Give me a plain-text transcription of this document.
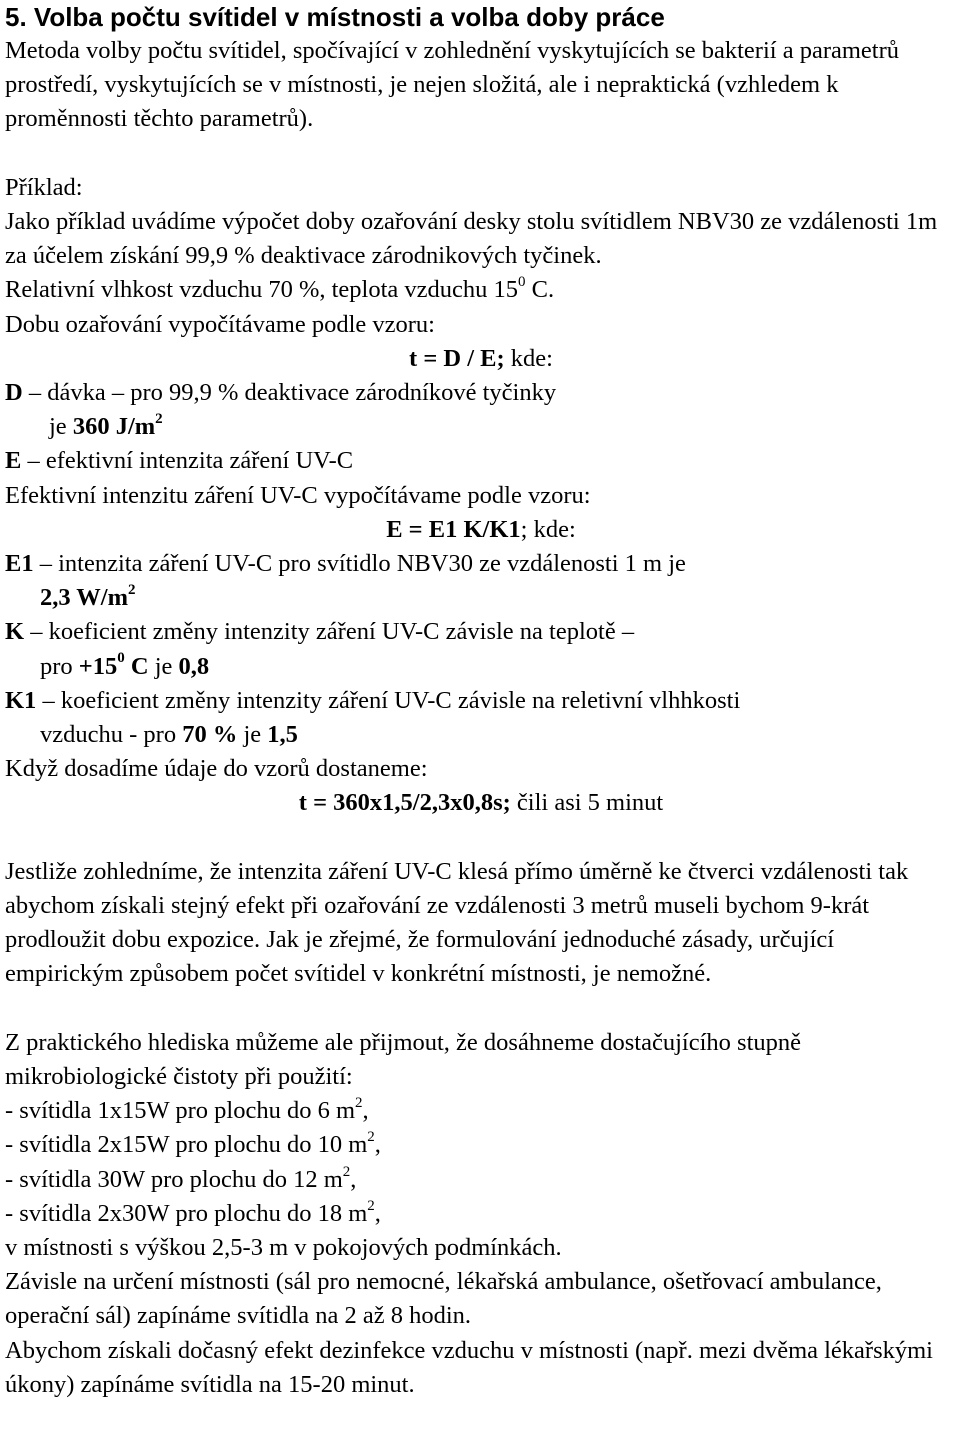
5. Volba počtu svítidel v místnosti a volba doby práce

Metoda volby počtu svítidel, spočívající v zohlednění vyskytujících se bakterií a parametrů prostředí, vyskytujících se v místnosti, je nejen složitá, ale i nepraktická (vzhledem k proměnnosti těchto parametrů).

Příklad:

Jako příklad uvádíme výpočet doby ozařování desky stolu svítidlem NBV30 ze vzdálenosti 1m za účelem získání 99,9 % deaktivace zárodnikových tyčinek.

Relativní vlhkost vzduchu 70 %, teplota vzduchu $15^0$ C.

Dobu ozařování vypočítávame podle vzoru:

t = D / E; kde:

D – dávka – pro 99,9 % deaktivace zárodníkové tyčinky

je 360 $J/m^2$

E – efektivní intenzita záření UV-C

Efektivní intenzitu záření UV-C vypočítávame podle vzoru:

E = E1 K/K1; kde:

E1 – intenzita záření UV-C pro svítidlo NBV30 ze vzdálenosti 1 m je

2,3 $W/m^2$

K – koeficient změny intenzity záření UV-C závisle na teplotě –

pro $+15^0$ C je 0,8

K1 – koeficient změny intenzity záření UV-C závisle na reletivní vlhhkosti

vzduchu - pro 70 % je 1,5

Když dosadíme údaje do vzorů dostaneme:

t = 360x1,5/2,3x0,8s; čili asi 5 minut

Jestliže zohledníme, že intenzita záření UV-C klesá přímo úměrně ke čtverci vzdálenosti tak abychom získali stejný efekt při ozařování ze vzdálenosti 3 metrů museli bychom 9-krát prodloužit dobu expozice. Jak je zřejmé, že formulování jednoduché zásady, určující empirickým způsobem počet svítidel v konkrétní místnosti, je nemožné.

Z praktického hlediska můžeme ale přijmout, že dosáhneme dostačujícího stupně mikrobiologické čistoty při použití:

- svítidla 1x15W pro plochu do 6 $m^2$,

- svítidla 2x15W pro plochu do 10 $m^2$,

- svítidla 30W pro plochu do 12 $m^2$,

- svítidla 2x30W pro plochu do 18 $m^2$,

v místnosti s výškou 2,5-3 m v pokojových podmínkách.

Závisle na určení místnosti (sál pro nemocné, lékařská ambulance, ošetřovací ambulance, operační sál) zapínáme svítidla na 2 až 8 hodin.

Abychom získali dočasný efekt dezinfekce vzduchu v místnosti (např. mezi dvěma lékařskými úkony) zapínáme svítidla na 15-20 minut.
